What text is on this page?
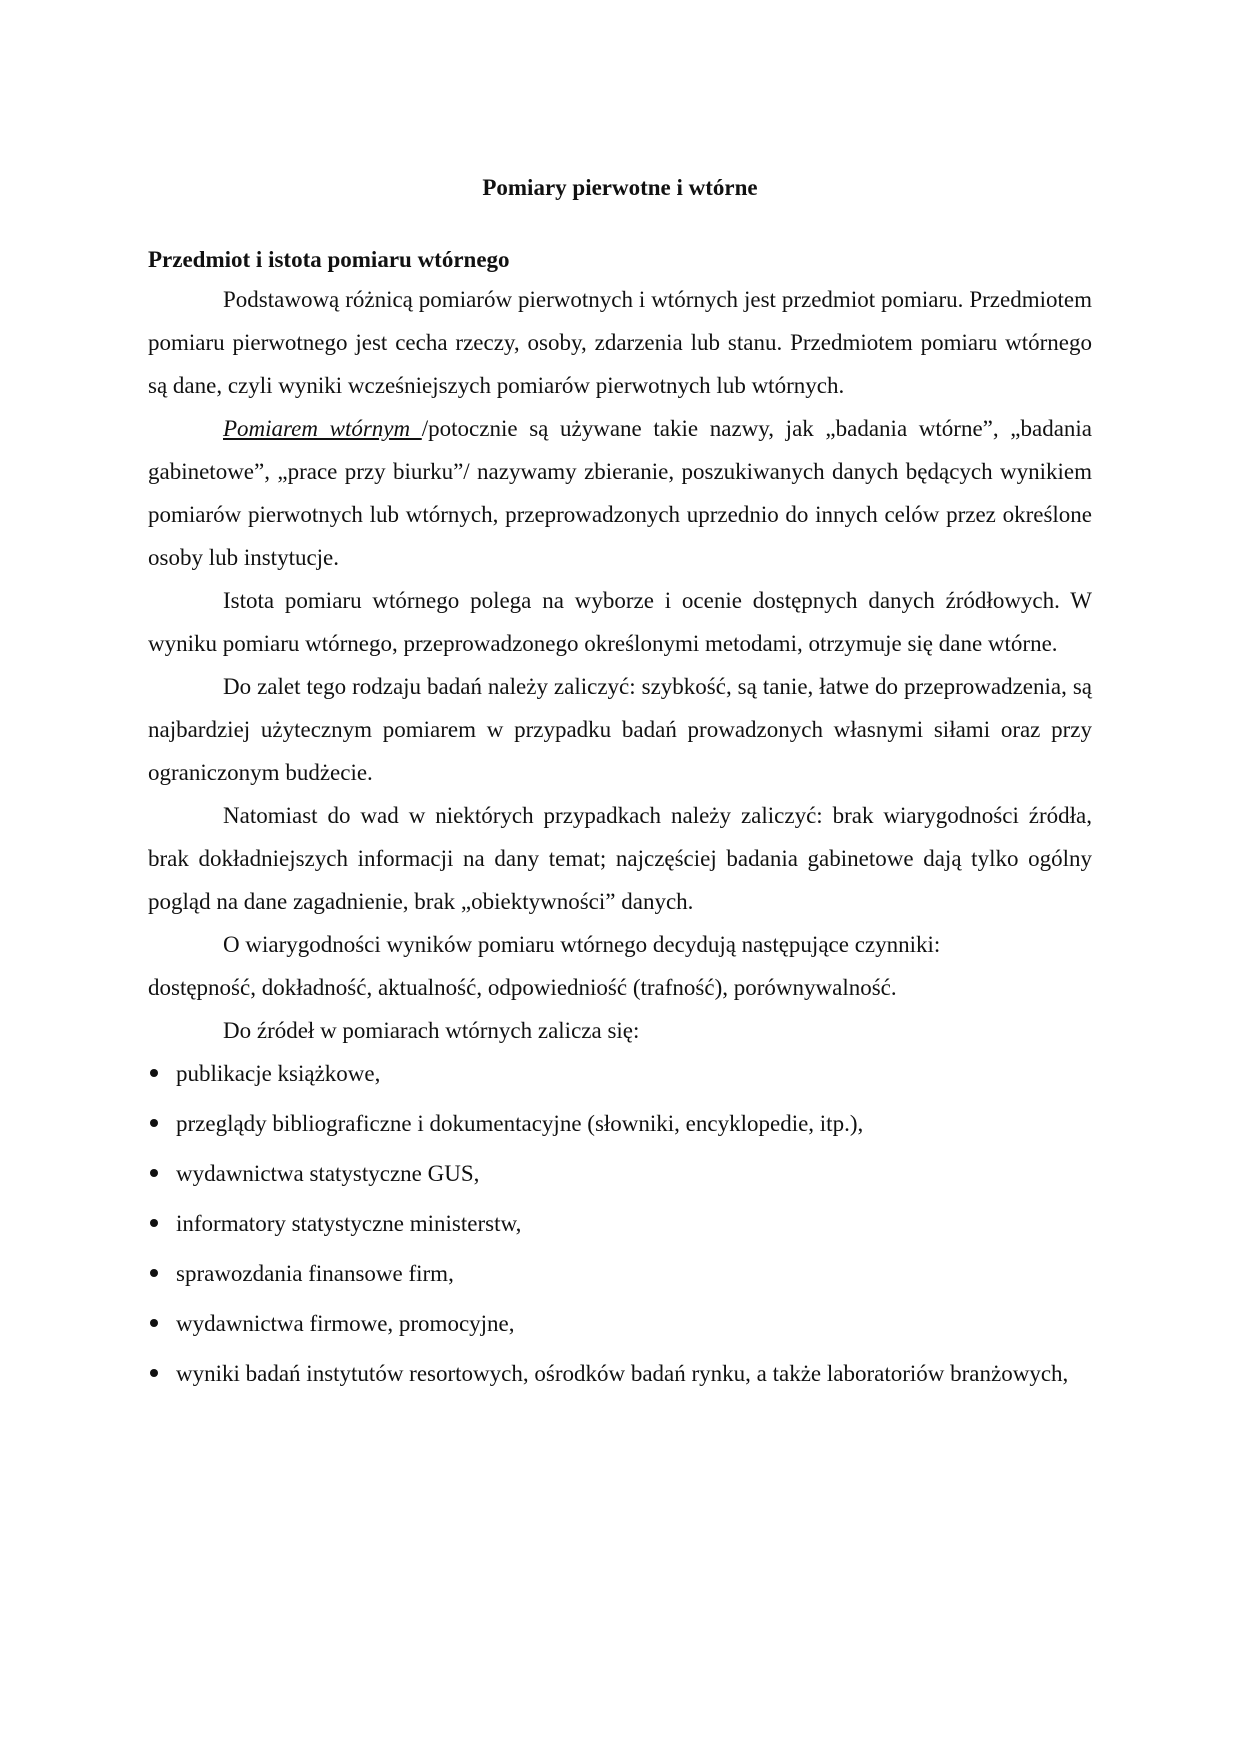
Pomiary pierwotne i wtórne

Przedmiot i istota pomiaru wtórnego

Podstawową różnicą pomiarów pierwotnych i wtórnych jest przedmiot pomiaru. Przedmiotem pomiaru pierwotnego jest cecha rzeczy, osoby, zdarzenia lub stanu. Przedmiotem pomiaru wtórnego są dane, czyli wyniki wcześniejszych pomiarów pierwotnych lub wtórnych.

Pomiarem wtórnym /potocznie są używane takie nazwy, jak „badania wtórne”, „badania gabinetowe”, „prace przy biurku”/ nazywamy zbieranie, poszukiwanych danych będących wynikiem pomiarów pierwotnych lub wtórnych, przeprowadzonych uprzednio do innych celów przez określone osoby lub instytucje.

Istota pomiaru wtórnego polega na wyborze i ocenie dostępnych danych źródłowych. W wyniku pomiaru wtórnego, przeprowadzonego określonymi metodami, otrzymuje się dane wtórne.

Do zalet tego rodzaju badań należy zaliczyć: szybkość, są tanie, łatwe do przeprowadzenia, są najbardziej użytecznym pomiarem w przypadku badań prowadzonych własnymi siłami oraz przy ograniczonym budżecie.

Natomiast do wad w niektórych przypadkach należy zaliczyć: brak wiarygodności źródła, brak dokładniejszych informacji na dany temat; najczęściej badania gabinetowe dają tylko ogólny pogląd na dane zagadnienie, brak „obiektywności” danych.

O wiarygodności wyników pomiaru wtórnego decydują następujące czynniki:

dostępność, dokładność, aktualność, odpowiedniość (trafność), porównywalność.

Do źródeł w pomiarach wtórnych zalicza się:

publikacje książkowe,
przeglądy bibliograficzne i dokumentacyjne (słowniki, encyklopedie, itp.),
wydawnictwa statystyczne GUS,
informatory statystyczne ministerstw,
sprawozdania finansowe firm,
wydawnictwa firmowe, promocyjne,
wyniki badań instytutów resortowych, ośrodków badań rynku, a także laboratoriów branżowych,
